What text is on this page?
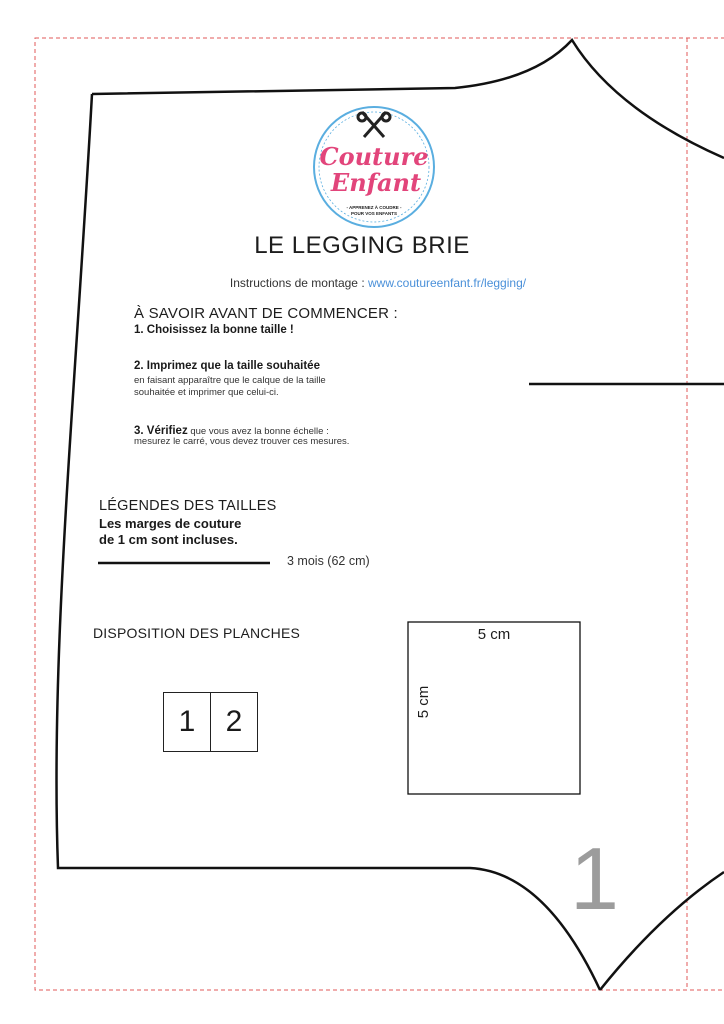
Couture
Enfant
- APPRENEZ À COUDRE -
POUR VOS ENFANTS
5 cm
LE LEGGING BRIE
Instructions de montage : www.coutureenfant.fr/legging/
À SAVOIR AVANT DE COMMENCER :
1. Choisissez la bonne taille !
2. Imprimez que la taille souhaitée
en faisant apparaître que le calque de la taille
souhaitée et imprimer que celui-ci.
3. Vérifiez que vous avez la bonne échelle :
mesurez le carré, vous devez trouver ces mesures.
LÉGENDES DES TAILLES
Les marges de couture
de 1 cm sont incluses.
3 mois (62 cm)
DISPOSITION DES PLANCHES
1	2
5 cm
1
